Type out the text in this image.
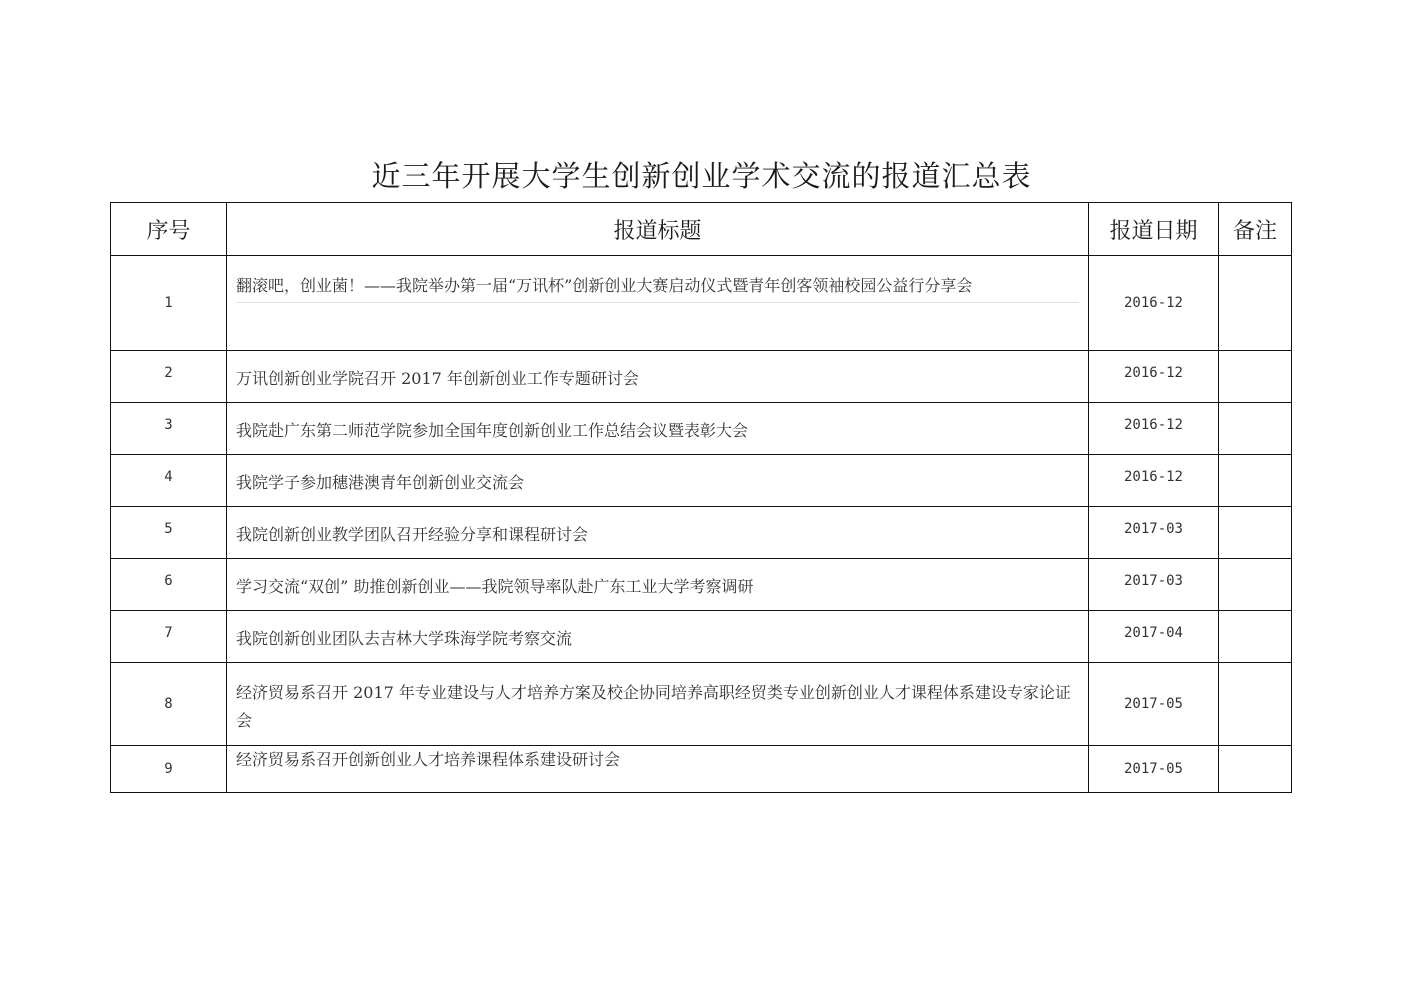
近三年开展大学生创新创业学术交流的报道汇总表
序号	报道标题	报道日期	备注

1	翻滚吧，创业菌！——我院举办第一届“万讯杯”创新创业大赛启动仪式暨青年创客领袖校园公益行分享会	2016-12	

2	万讯创新创业学院召开 2017 年创新创业工作专题研讨会	2016-12	

3	我院赴广东第二师范学院参加全国年度创新创业工作总结会议暨表彰大会	2016-12	

4	我院学子参加穗港澳青年创新创业交流会	2016-12	

5	我院创新创业教学团队召开经验分享和课程研讨会	2017-03	

6	学习交流“双创” 助推创新创业——我院领导率队赴广东工业大学考察调研	2017-03	

7	我院创新创业团队去吉林大学珠海学院考察交流	2017-04	

8	经济贸易系召开 2017 年专业建设与人才培养方案及校企协同培养高职经贸类专业创新创业人才课程体系建设专家论证会	2017-05	

9	经济贸易系召开创新创业人才培养课程体系建设研讨会	2017-05	
